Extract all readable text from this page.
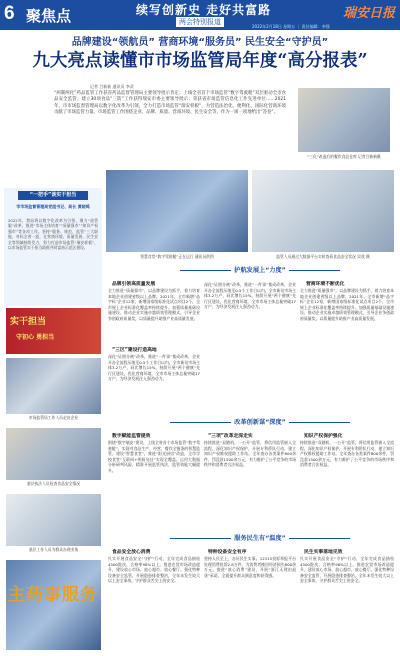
6 聚焦点	续写创新史 走好共富路
两会特别报道
2022年2月18日 星期五 ｜ 责任编辑：李强
瑞安日报
品牌建设“领航员” 营商环境“服务员” 民生安全“守护员”
九大亮点读懂市市场监管局年度“高分报表”
记者 吕新新 通讯员 李武
“两制两化”药品监管工作获省药品监督管理局主要领导批示肯定；上线全省首个市场监管“数字驾驶舱”双层驱动全市食品安全监管；建立30项食品“三防”工作获得瑞安市委主要领导批示；荣获省市场监管信息化工作先进单位……2021年，市市场监督管理局以数字化改革为引领，全力打造市场监管“瑞安样板”，为营造法治化、便利化、国际化营商环境贡献了市场监管力量。市场监管工作围绕企业、品牌、质量、营商环境、民生安全等，作为一项一项地给出“答卷”。
“三化”改造后的餐饮食品仓库 记者吕新新摄
“一把手”谈实干担当
市市场监督管理局党组书记、局长 黄晓鸣
2022年，我局将以数字化改革为引领，聚力“放管服”改革，推进“市场主体培育”“质量强市”“知识产权强市”等各项工作。坚持“服务、规范、监管”三大职能，对标全省一流，在营商环境、质量发展、民生安全等领域持续发力，努力打造市场监管“瑞安样板”，以市场监管实干担当助推共同富裕示范区建设。
实干担当
守初心 勇担当
智慧食堂“数字驾驶舱”正在运行 通讯员供图	监管人员通过大数据平台实时查看食品安全状况 吴欣 摄
市场监管局工作人员走访企业
基层执法人员检查食品安全情况
基层工作人员为群众办理业务
主药事服务
护航发展上“力度”
品牌引领高质量发展
全力推进“质量强市”，以品牌建设为抓手，着力培育本地企业创建省级以上品牌。2021年，全市新增“品字标”企业12家，新增国家级标准化试点项目2个，全市规上企业标准化覆盖率持续提升。加强质量基础设施建设，推动企业实施卓越绩效管理模式，引导企业争创政府质量奖，以质量提升助推产业高质量发展。
“三区”建设打造高地
深化“证照分离”改革，推进“一件事”集成改革，企业开办全流程压缩至0.5个工作日以内。全市新设市场主体3.2万户，同比增长15%。持续开展“两个健康”先行区建设，优化营商环境，全市市场主体总量突破17万户，为经济发展注入强劲动力。
深化“证照分离”改革，推进“一件事”集成改革，企业开办全流程压缩至0.5个工作日以内。全市新设市场主体3.2万户，同比增长15%。持续开展“两个健康”先行区建设，优化营商环境，全市市场主体总量突破17万户，为经济发展注入强劲动力。
营商环境不断优化
全力推进“质量强市”，以品牌建设为抓手，着力培育本地企业创建省级以上品牌。2021年，全市新增“品字标”企业12家，新增国家级标准化试点项目2个，全市规上企业标准化覆盖率持续提升。加强质量基础设施建设，推动企业实施卓越绩效管理模式，引导企业争创政府质量奖，以质量提升助推产业高质量发展。
改革创新谋“深度”
数字赋能监管提效
围绕“数字瑞安”建设，上线全省首个市场监管“数字驾驶舱”，实现对食品生产、经营、餐饮全链条的智慧监管。建设“智慧食堂”，推进“阳光厨房”改造，全市学校食堂“互联网+明厨亮灶”实现全覆盖。运用大数据分析研判风险，精准开展监管执法，监管效能大幅提升。
“三项”改革走深走实
持续推进“双随机、一公开”监管，将信用监管嵌入全流程。深化知识产权保护，开展专利侨队行动，建立知识产权维权援助工作站。全年查办各类案件800余件，罚没款1500余万元，有力维护了公平竞争的市场秩序和消费者合法权益。
知识产权保护强化
持续推进“双随机、一公开”监管，将信用监管嵌入全流程。深化知识产权保护，开展专利侨队行动，建立知识产权维权援助工作站。全年查办各类案件800余件，罚没款1500余万元，有力维护了公平竞争的市场秩序和消费者合法权益。
服务民生有“温度”
食品安全放心消费
扎实开展食品安全“守护”行动，全年完成食品抽检4500批次，合格率98%以上。推进农贸市场改造提升，建设放心市场、放心超市、放心餐厅。强化特种设备安全监管，开展隐患排查整治，全年未发生较大以上安全事故，守护群众舌尖上的安全。
特种设备安全有序
坚持人民至上，办好民生实事。12315投诉举报平台处理消费投诉2.8万件，为消费者挽回经济损失800余万元。推进“放心消费”建设，开展“浙江无理由退货”承诺，全面提升群众满意度和获得感。
民生实事落地见效
扎实开展食品安全“守护”行动，全年完成食品抽检4500批次，合格率98%以上。推进农贸市场改造提升，建设放心市场、放心超市、放心餐厅。强化特种设备安全监管，开展隐患排查整治，全年未发生较大以上安全事故，守护群众舌尖上的安全。
